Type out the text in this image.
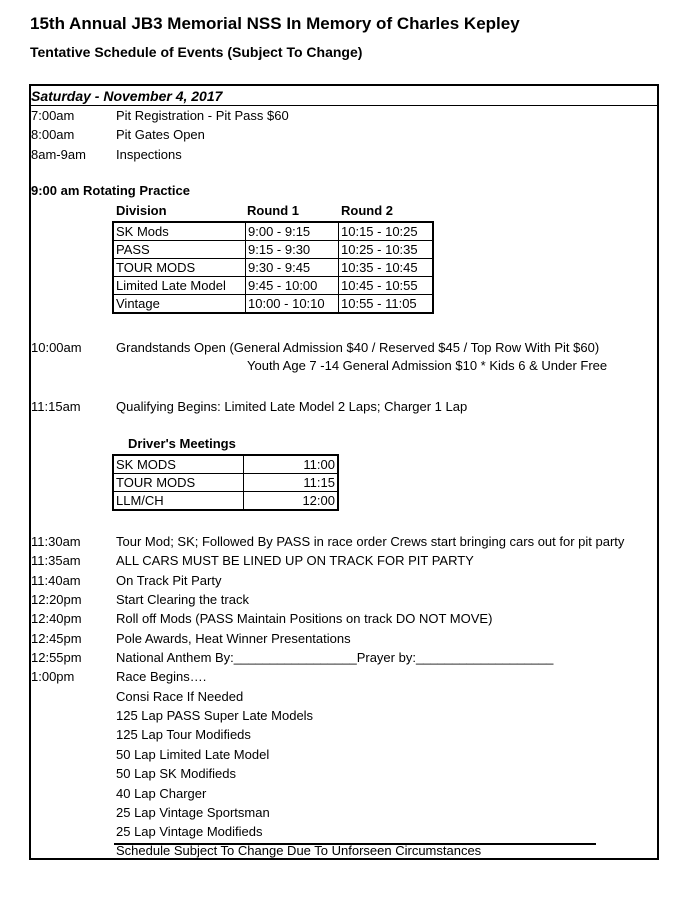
15th Annual JB3 Memorial NSS In Memory of Charles Kepley
Tentative Schedule of Events (Subject To Change)
Saturday - November 4, 2017
7:00am	Pit Registration - Pit Pass $60
8:00am	Pit Gates Open
8am-9am Inspections
9:00 am Rotating Practice
Division	Round 1	Round 2
SK Mods	9:00 - 9:15	10:15 - 10:25
PASS	9:15 - 9:30	10:25 - 10:35
TOUR MODS	9:30 - 9:45	10:35 - 10:45
Limited Late Model	9:45 - 10:00	10:45 - 10:55
Vintage	10:00 - 10:10	10:55 - 11:05
10:00am	Grandstands Open (General Admission $40 / Reserved $45 / Top Row With Pit $60)
Youth Age 7 -14 General Admission $10 * Kids 6 & Under Free
11:15am	Qualifying Begins: Limited Late Model 2 Laps; Charger 1 Lap
Driver's Meetings
SK MODS	11:00
TOUR MODS	11:15
LLM/CH	12:00
11:30am	Tour Mod; SK; Followed By PASS in race order Crews start bringing cars out for pit party
11:35am	ALL CARS MUST BE LINED UP ON TRACK FOR PIT PARTY
11:40am	On Track Pit Party
12:20pm	Start Clearing the track
12:40pm	Roll off Mods (PASS Maintain Positions on track DO NOT MOVE)
12:45pm	Pole Awards, Heat Winner Presentations
12:55pm	National Anthem By:_________________Prayer by:___________________
1:00pm	Race Begins….
Consi Race If Needed
125 Lap PASS Super Late Models
125 Lap Tour Modifieds
50 Lap Limited Late Model
50 Lap SK Modifieds
40 Lap Charger
25 Lap Vintage Sportsman
25 Lap Vintage Modifieds
Schedule Subject To Change Due To Unforseen Circumstances
